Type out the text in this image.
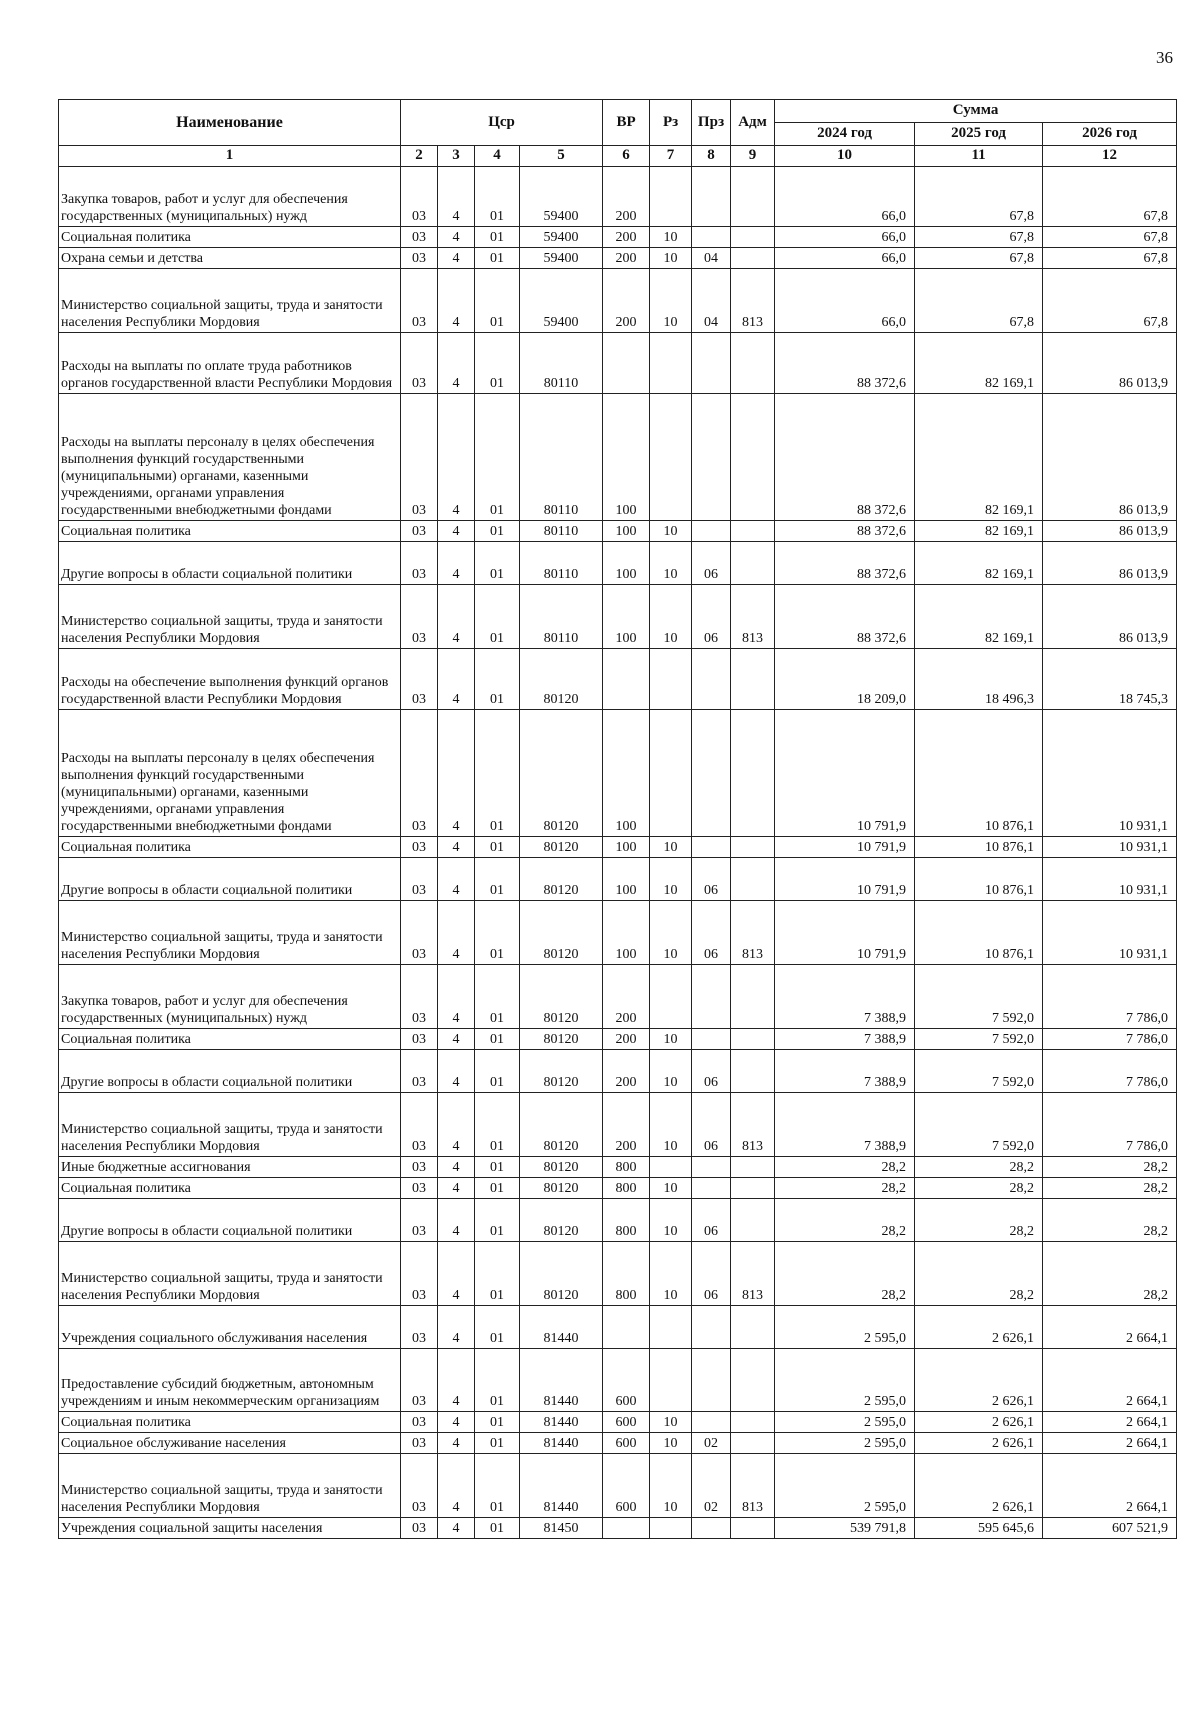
36
Наименование	Цср				ВР	Рз	Прз	Адм	Сумма		
									2024 год	2025 год	2026 год
1	2	3	4	5	6	7	8	9	10	11	12
Закупка товаров, работ и услуг для обеспечения государственных (муниципальных) нужд	03	4	01	59400	200				66,0	67,8	67,8
Социальная политика	03	4	01	59400	200	10			66,0	67,8	67,8
Охрана семьи и детства	03	4	01	59400	200	10	04		66,0	67,8	67,8
Министерство социальной защиты, труда и занятости населения Республики Мордовия	03	4	01	59400	200	10	04	813	66,0	67,8	67,8
Расходы на выплаты по оплате труда работников органов государственной власти Республики Мордовия	03	4	01	80110					88 372,6	82 169,1	86 013,9
Расходы на выплаты персоналу в целях обеспечения выполнения функций государственными (муниципальными) органами, казенными учреждениями, органами управления государственными внебюджетными фондами	03	4	01	80110	100				88 372,6	82 169,1	86 013,9
Социальная политика	03	4	01	80110	100	10			88 372,6	82 169,1	86 013,9
Другие вопросы в области социальной политики	03	4	01	80110	100	10	06		88 372,6	82 169,1	86 013,9
Министерство социальной защиты, труда и занятости населения Республики Мордовия	03	4	01	80110	100	10	06	813	88 372,6	82 169,1	86 013,9
Расходы на обеспечение выполнения функций органов государственной власти Республики Мордовия	03	4	01	80120					18 209,0	18 496,3	18 745,3
Расходы на выплаты персоналу в целях обеспечения выполнения функций государственными (муниципальными) органами, казенными учреждениями, органами управления государственными внебюджетными фондами	03	4	01	80120	100				10 791,9	10 876,1	10 931,1
Социальная политика	03	4	01	80120	100	10			10 791,9	10 876,1	10 931,1
Другие вопросы в области социальной политики	03	4	01	80120	100	10	06		10 791,9	10 876,1	10 931,1
Министерство социальной защиты, труда и занятости населения Республики Мордовия	03	4	01	80120	100	10	06	813	10 791,9	10 876,1	10 931,1
Закупка товаров, работ и услуг для обеспечения государственных (муниципальных) нужд	03	4	01	80120	200				7 388,9	7 592,0	7 786,0
Социальная политика	03	4	01	80120	200	10			7 388,9	7 592,0	7 786,0
Другие вопросы в области социальной политики	03	4	01	80120	200	10	06		7 388,9	7 592,0	7 786,0
Министерство социальной защиты, труда и занятости населения Республики Мордовия	03	4	01	80120	200	10	06	813	7 388,9	7 592,0	7 786,0
Иные бюджетные ассигнования	03	4	01	80120	800				28,2	28,2	28,2
Социальная политика	03	4	01	80120	800	10			28,2	28,2	28,2
Другие вопросы в области социальной политики	03	4	01	80120	800	10	06		28,2	28,2	28,2
Министерство социальной защиты, труда и занятости населения Республики Мордовия	03	4	01	80120	800	10	06	813	28,2	28,2	28,2
Учреждения социального обслуживания населения	03	4	01	81440					2 595,0	2 626,1	2 664,1
Предоставление субсидий бюджетным, автономным учреждениям и иным некоммерческим организациям	03	4	01	81440	600				2 595,0	2 626,1	2 664,1
Социальная политика	03	4	01	81440	600	10			2 595,0	2 626,1	2 664,1
Социальное обслуживание населения	03	4	01	81440	600	10	02		2 595,0	2 626,1	2 664,1
Министерство социальной защиты, труда и занятости населения Республики Мордовия	03	4	01	81440	600	10	02	813	2 595,0	2 626,1	2 664,1
Учреждения социальной защиты населения	03	4	01	81450					539 791,8	595 645,6	607 521,9
